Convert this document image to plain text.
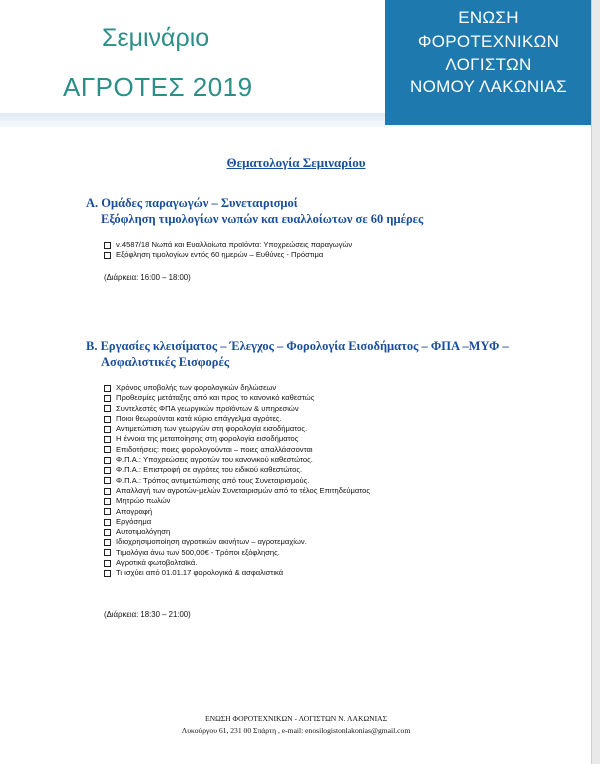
Σεμινάριο
ΑΓΡΟΤΕΣ 2019
ΕΝΩΣΗ
ΦΟΡΟΤΕΧΝΙΚΩΝ
ΛΟΓΙΣΤΩΝ
ΝΟΜΟΥ ΛΑΚΩΝΙΑΣ
Θεματολογία Σεμιναρίου
Α. Ομάδες παραγωγών – Συνεταιρισμοί
Εξόφληση τιμολογίων νωπών και ευαλλοίωτων σε 60 ημέρες
ν.4587/18 Νωπά και Ευαλλοίωτα προϊόντα: Υποχρεώσεις παραγωγών
Εξόφληση τιμολογίων εντός 60 ημερών – Ευθύνες - Πρόστιμα
(Διάρκεια: 16:00 – 18:00)
Β. Εργασίες κλεισίματος – Έλεγχος – Φορολογία Εισοδήματος – ΦΠΑ –ΜΥΦ –
Ασφαλιστικές Εισφορές
Χρόνος υποβολής των φορολογικών δηλώσεων
Προθεσμίες μετάταξης από και προς το κανονικό καθεστώς
Συντελεστές ΦΠΑ γεωργικών προϊόντων & υπηρεσιών
Ποιοι θεωρούνται κατά κύριο επάγγελμα αγρότες.
Αντιμετώπιση των γεωργών στη φορολογία εισοδήματος.
Η έννοια της μεταποίησης στη φορολογία εισοδήματος
Επιδοτήσεις: ποιες φορολογούνται – ποιες απαλλάσσονται
Φ.Π.Α.: Υποχρεώσεις αγροτών του κανονικού καθεστώτος.
Φ.Π.Α.: Επιστροφή σε αγρότες του ειδικού καθεστώτος.
Φ.Π.Α.: Τρόπος αντιμετώπισης από τους Συνεταιρισμούς.
Απαλλαγή των αγροτών-μελών Συνεταιρισμών από το τέλος Επιτηδεύματος
Μητρώο πωλών
Απογραφή
Εργόσημα
Αυτοτιμολόγηση
Ιδιοχρησιμοποίηση αγροτικών ακινήτων – αγροτεμαχίων.
Τιμολόγια άνω των 500,00€ - Τρόποι εξόφλησης.
Αγροτικά φωτοβολταϊκά.
Τι ισχύει από 01.01.17 φορολογικά & ασφαλιστικά
(Διάρκεια: 18:30 – 21:00)
ΕΝΩΣΗ ΦΟΡΟΤΕΧΝΙΚΩΝ - ΛΟΓΙΣΤΩΝ Ν. ΛΑΚΩΝΙΑΣ
Λυκούργου 61, 231 00 Σπάρτη , e-mail: enosilogistonlakonias@gmail.com
